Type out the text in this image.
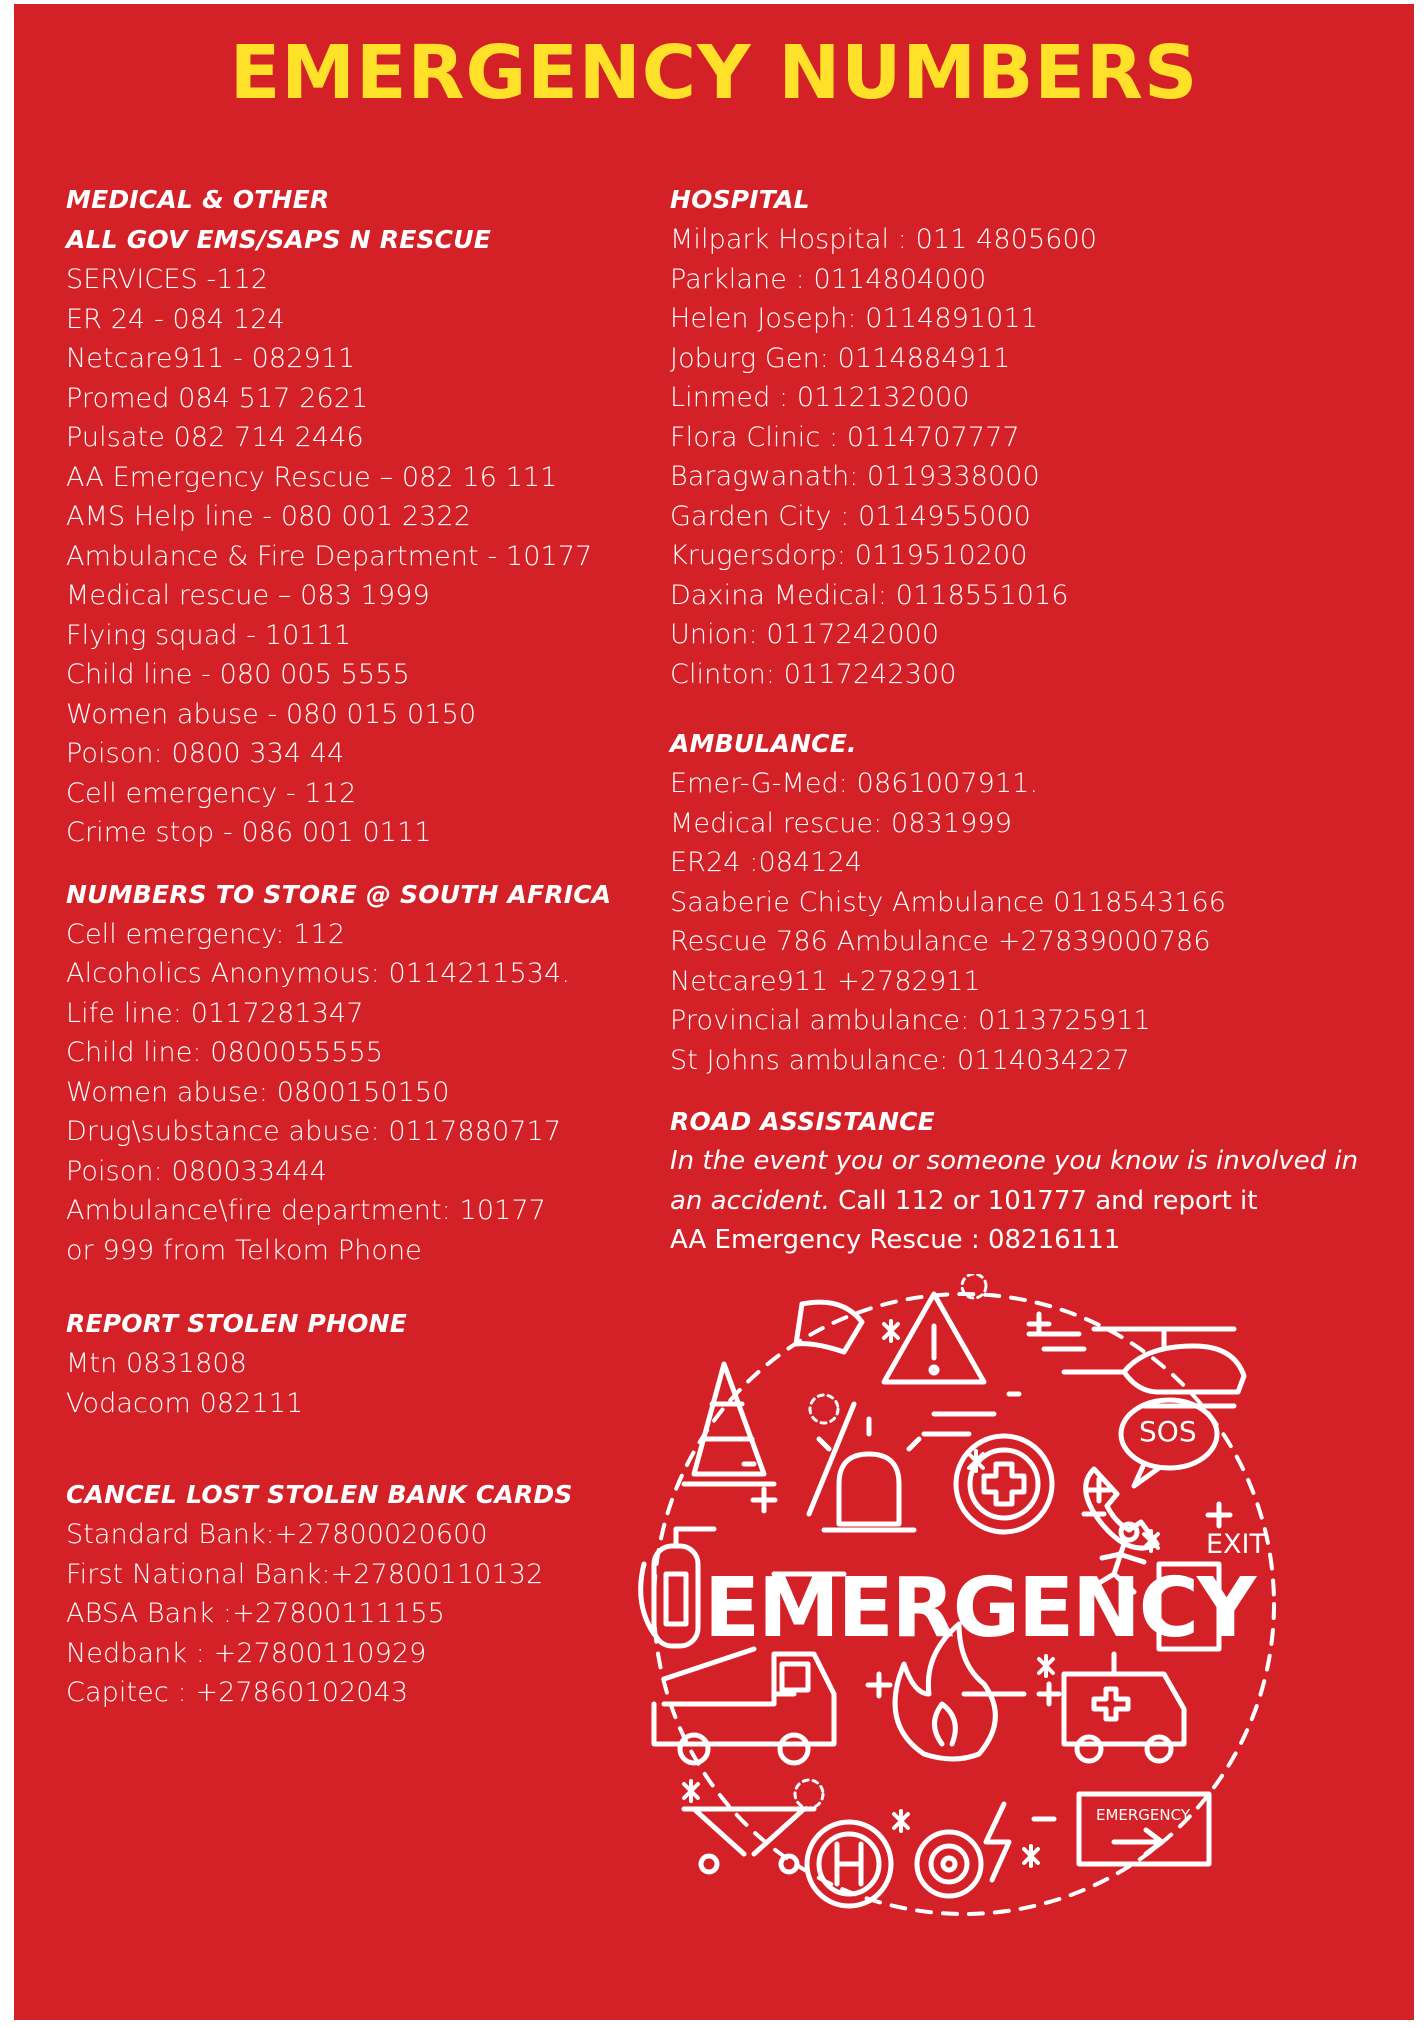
EMERGENCY NUMBERS
MEDICAL & OTHER
ALL GOV EMS/SAPS N RESCUE
SERVICES -112
ER 24 - 084 124
Netcare911 - 082911
Promed 084 517 2621
Pulsate 082 714 2446
AA Emergency Rescue – 082 16 111
AMS Help line - 080 001 2322
Ambulance & Fire Department - 10177
Medical rescue – 083 1999
Flying squad - 10111
Child line - 080 005 5555
Women abuse - 080 015 0150
Poison: 0800 334 44
Cell emergency - 112
Crime stop - 086 001 0111
NUMBERS TO STORE @ SOUTH AFRICA
Cell emergency: 112
Alcoholics Anonymous: 0114211534.
Life line: 0117281347
Child line: 0800055555
Women abuse: 0800150150
Drug\substance abuse: 0117880717
Poison: 080033444
Ambulance\fire department: 10177
or 999 from Telkom Phone
REPORT STOLEN PHONE
Mtn 0831808
Vodacom 082111
CANCEL LOST STOLEN BANK CARDS
Standard Bank:+27800020600
First National Bank:+27800110132
ABSA Bank :+27800111155
Nedbank : +27800110929
Capitec : +27860102043
HOSPITAL
Milpark Hospital : 011 4805600
Parklane : 0114804000
Helen Joseph: 0114891011
Joburg Gen: 0114884911
Linmed : 0112132000
Flora Clinic : 0114707777
Baragwanath: 0119338000
Garden City : 0114955000
Krugersdorp: 0119510200
Daxina Medical: 0118551016
Union: 0117242000
Clinton: 0117242300
AMBULANCE.
Emer-G-Med: 0861007911.
Medical rescue: 0831999
ER24 :084124
Saaberie Chisty Ambulance 0118543166
Rescue 786 Ambulance +27839000786
Netcare911 +2782911
Provincial ambulance: 0113725911
St Johns ambulance: 0114034227
ROAD ASSISTANCE
In the event you or someone you know is involved in
an accident. Call 112 or 101777 and report it
AA Emergency Rescue : 08216111
EMERGENCY
SOS
EXIT
EMERGENCY
